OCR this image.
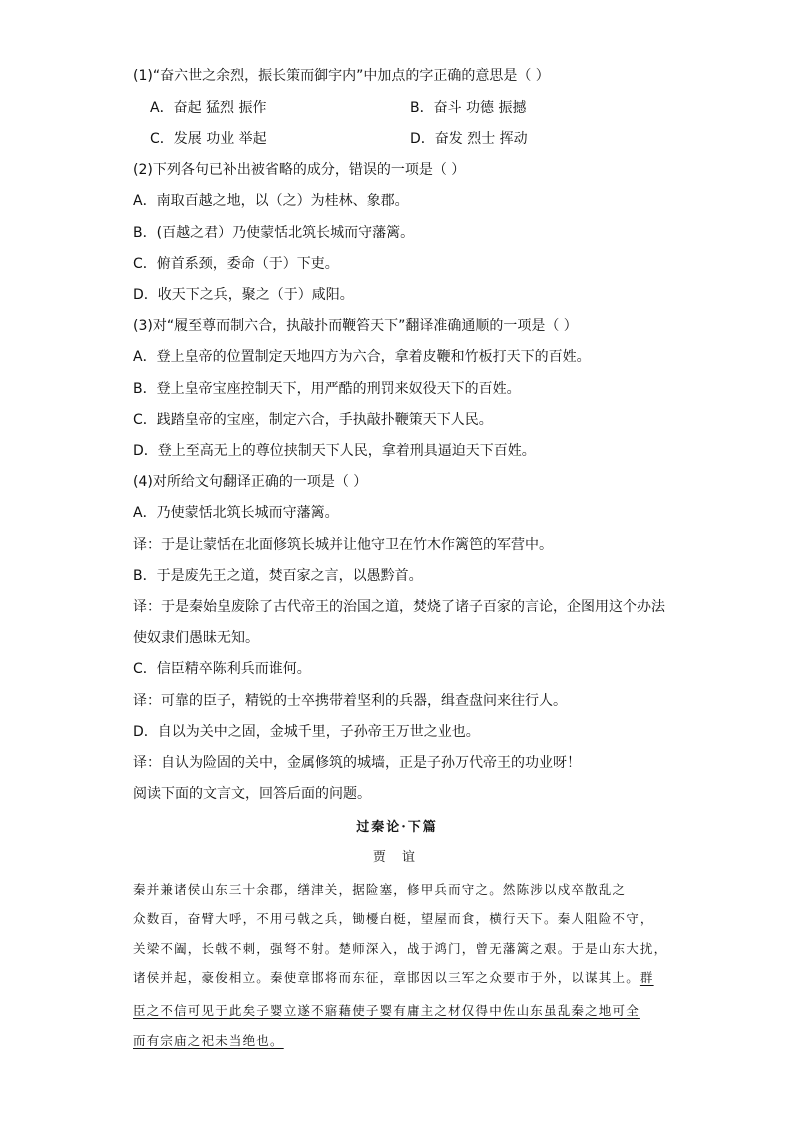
(1)“奋六世之余烈，振长策而御宇内”中加点的字正确的意思是（ ）
A．奋起 猛烈 振作	B．奋斗 功德 振撼
C．发展 功业 举起	D．奋发 烈士 挥动
(2)下列各句已补出被省略的成分，错误的一项是（ ）
A．南取百越之地，以（之）为桂林、象郡。
B．(百越之君）乃使蒙恬北筑长城而守藩篱。
C．俯首系颈，委命（于）下吏。
D．收天下之兵，聚之（于）咸阳。
(3)对“履至尊而制六合，执敲扑而鞭笞天下”翻译准确通顺的一项是（ ）
A．登上皇帝的位置制定天地四方为六合，拿着皮鞭和竹板打天下的百姓。
B．登上皇帝宝座控制天下，用严酷的刑罚来奴役天下的百姓。
C．践踏皇帝的宝座，制定六合，手执敲扑鞭策天下人民。
D．登上至高无上的尊位挟制天下人民，拿着刑具逼迫天下百姓。
(4)对所给文句翻译正确的一项是（ ）
A．乃使蒙恬北筑长城而守藩篱。
译：于是让蒙恬在北面修筑长城并让他守卫在竹木作篱笆的军营中。
B．于是废先王之道，焚百家之言，以愚黔首。
译：于是秦始皇废除了古代帝王的治国之道，焚烧了诸子百家的言论，企图用这个办法
使奴隶们愚昧无知。
C．信臣精卒陈利兵而谁何。
译：可靠的臣子，精锐的士卒携带着坚利的兵器，缉查盘问来往行人。
D．自以为关中之固，金城千里，子孙帝王万世之业也。
译：自认为险固的关中，金属修筑的城墙，正是子孙万代帝王的功业呀！
阅读下面的文言文，回答后面的问题。
过秦论·下篇
贾 谊
秦并兼诸侯山东三十余郡，缮津关，据险塞，修甲兵而守之。然陈涉以戍卒散乱之
众数百，奋臂大呼，不用弓戟之兵，锄櫌白梃，望屋而食，横行天下。秦人阻险不守，
关梁不阖，长戟不刺，强弩不射。楚师深入，战于鸿门，曾无藩篱之艰。于是山东大扰，
诸侯并起，豪俊相立。秦使章邯将而东征，章邯因以三军之众要市于外，以谋其上。群
臣之不信可见于此矣子婴立遂不寤藉使子婴有庸主之材仅得中佐山东虽乱秦之地可全
而有宗庙之祀未当绝也。
